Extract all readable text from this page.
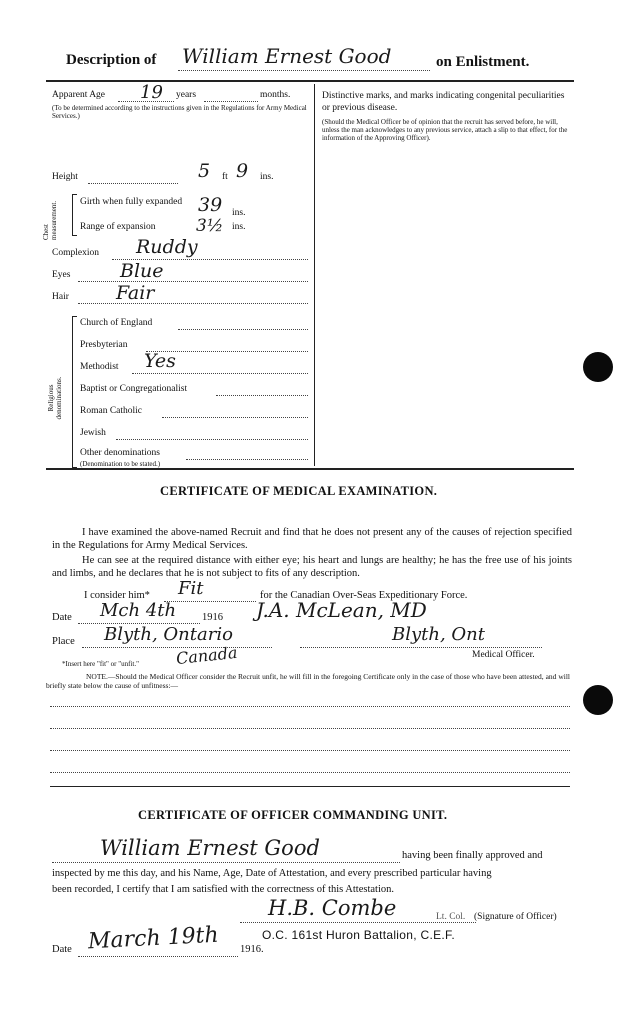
Description of William Ernest Good	on Enlistment.
Apparent Age 19 years	months.
(To be determined according to the instructions given in the Regulations for Army Medical Services.)
Height	5 ft 9 ins.
Chest measurement. Girth when fully expanded 39 ins.
Range of expansion 3½ ins.
Complexion Ruddy
Eyes	Blue
Hair Fair
Religious denominations.
Church of England
Presbyterian
Methodist Yes
Baptist or Congregationalist
Roman Catholic
Jewish
Other denominations
(Denomination to be stated.)
Distinctive marks, and marks indicating congenital peculiarities or previous disease.
(Should the Medical Officer be of opinion that the recruit has served before, he will, unless the man acknowledges to any previous service, attach a slip to that effect, for the information of the Approving Officer).
CERTIFICATE OF MEDICAL EXAMINATION.
I have examined the above-named Recruit and find that he does not present any of the causes of rejection specified in the Regulations for Army Medical Services.
He can see at the required distance with either eye; his heart and lungs are healthy; he has the free use of his joints and limbs, and he declares that he is not subject to fits of any description.
I consider him* Fit	for the Canadian Over-Seas Expeditionary Force.
Date Mch 4th 1916 J.A. McLean, MD
Place Blyth, Ontario
Canada
Blyth, Ont
Medical Officer.
*Insert here "fit" or "unfit."
NOTE.—Should the Medical Officer consider the Recruit unfit, he will fill in the foregoing Certificate only in the case of those who have been attested, and will briefly state below the cause of unfitness:—
CERTIFICATE OF OFFICER COMMANDING UNIT.
William Ernest Good	having been finally approved and
inspected by me this day, and his Name, Age, Date of Attestation, and every prescribed particular having
been recorded, I certify that I am satisfied with the correctness of this Attestation.
H.B. Combe	Lt. Col. (Signature of Officer)
O.C. 161st Huron Battalion, C.E.F.
Date March 19th 1916.
